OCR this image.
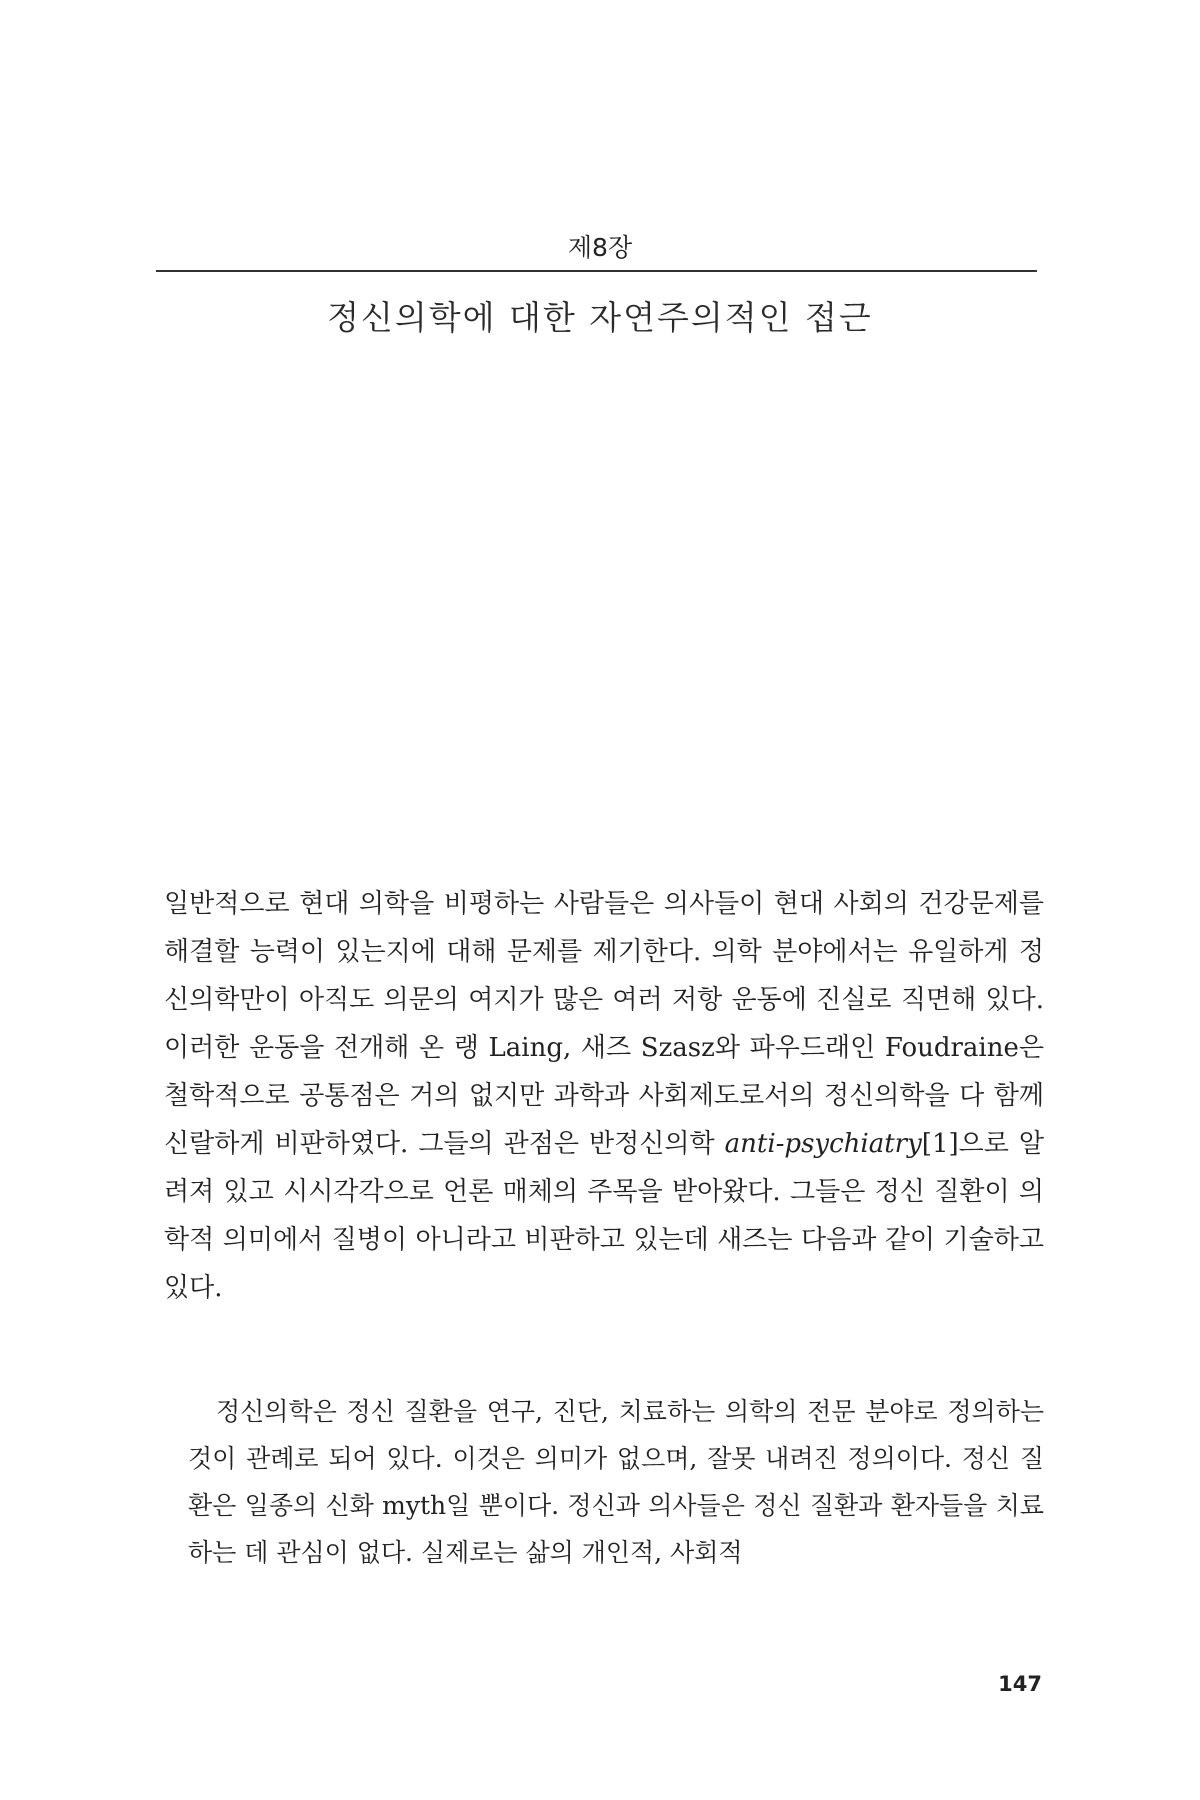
제8장
정신의학에 대한 자연주의적인 접근

일반적으로 현대 의학을 비평하는 사람들은 의사들이 현대 사회의 건강문제를 해결할 능력이 있는지에 대해 문제를 제기한다. 의학 분야에서는 유일하게 정신의학만이 아직도 의문의 여지가 많은 여러 저항 운동에 진실로 직면해 있다. 이러한 운동을 전개해 온 랭 Laing, 새즈 Szasz와 파우드래인 Foudraine은 철학적으로 공통점은 거의 없지만 과학과 사회제도로서의 정신의학을 다 함께 신랄하게 비판하였다. 그들의 관점은 반정신의학 anti-psychiatry[1]으로 알려져 있고 시시각각으로 언론 매체의 주목을 받아왔다. 그들은 정신 질환이 의학적 의미에서 질병이 아니라고 비판하고 있는데 새즈는 다음과 같이 기술하고 있다.

정신의학은 정신 질환을 연구, 진단, 치료하는 의학의 전문 분야로 정의하는 것이 관례로 되어 있다. 이것은 의미가 없으며, 잘못 내려진 정의이다. 정신 질환은 일종의 신화 myth일 뿐이다. 정신과 의사들은 정신 질환과 환자들을 치료하는 데 관심이 없다. 실제로는 삶의 개인적, 사회적

147
